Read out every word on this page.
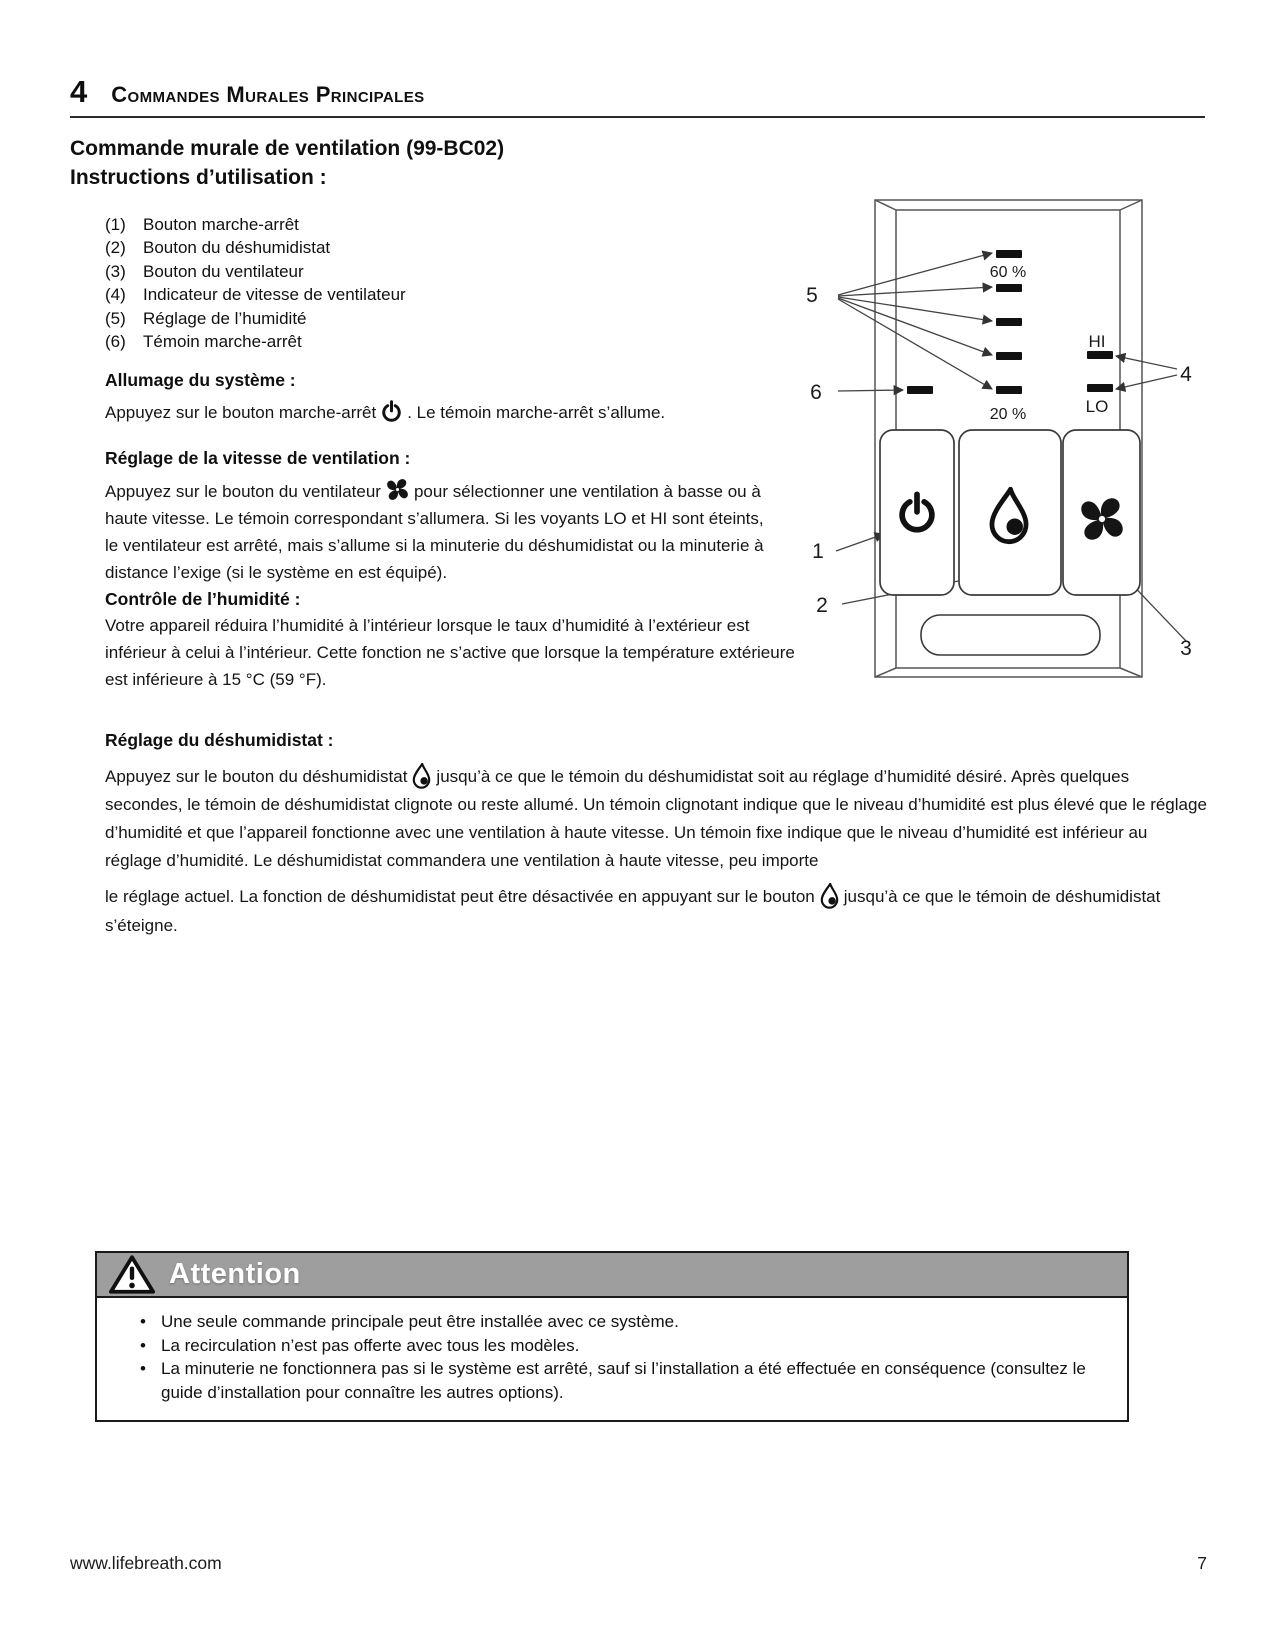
4 Commandes Murales Principales
Commande murale de ventilation (99-BC02)
Instructions d’utilisation :
(1)	Bouton marche-arrêt
(2)	Bouton du déshumidistat
(3)	Bouton du ventilateur
(4)	Indicateur de vitesse de ventilateur
(5)	Réglage de l’humidité
(6)	Témoin marche-arrêt
Allumage du système :
Appuyez sur le bouton marche-arrêt . Le témoin marche-arrêt s’allume.
Réglage de la vitesse de ventilation :
Appuyez sur le bouton du ventilateur pour sélectionner une ventilation à basse ou à haute vitesse. Le témoin correspondant s’allumera. Si les voyants LO et HI sont éteints, le ventilateur est arrêté, mais s’allume si la minuterie du déshumidistat ou la minuterie à distance l’exige (si le système en est équipé).
Contrôle de l’humidité :
Votre appareil réduira l’humidité à l’intérieur lorsque le taux d’humidité à l’extérieur est inférieur à celui à l’intérieur. Cette fonction ne s’active que lorsque la température extérieure est inférieure à 15 °C (59 °F).
Réglage du déshumidistat :
Appuyez sur le bouton du déshumidistat jusqu’à ce que le témoin du déshumidistat soit au réglage d’humidité désiré. Après quelques secondes, le témoin de déshumidistat clignote ou reste allumé. Un témoin clignotant indique que le niveau d’humidité est plus élevé que le réglage d’humidité et que l’appareil fonctionne avec une ventilation à haute vitesse. Un témoin fixe indique que le niveau d’humidité est inférieur au réglage d’humidité. Le déshumidistat commandera une ventilation à haute vitesse, peu importe
le réglage actuel. La fonction de déshumidistat peut être désactivée en appuyant sur le bouton jusqu’à ce que le témoin de déshumidistat s’éteigne.
60 %
20 %
HI
LO
5
6
4
1
2
3
Attention
•
Une seule commande principale peut être installée avec ce système.
•
La recirculation n’est pas offerte avec tous les modèles.
•
La minuterie ne fonctionnera pas si le système est arrêté, sauf si l’installation a été effectuée en conséquence (consultez le guide d’installation pour connaître les autres options).
www.lifebreath.com	7
